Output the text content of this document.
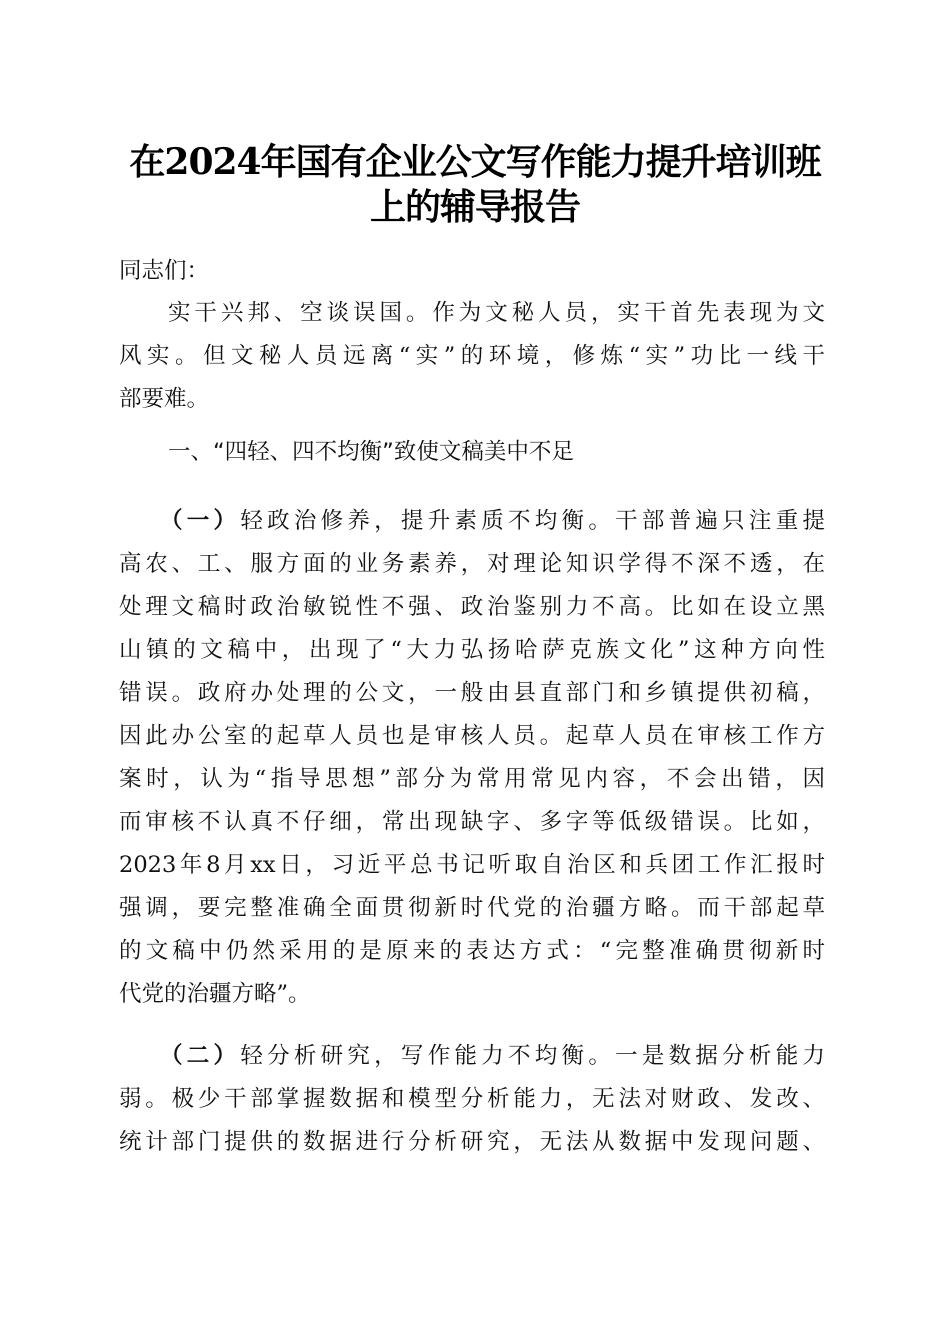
在2024年国有企业公文写作能力提升培训班
上的辅导报告
同志们：
实干兴邦、空谈误国。作为文秘人员，实干首先表现为文
风实。但文秘人员远离“实”的环境，修炼“实”功比一线干
部要难。
一、“四轻、四不均衡”致使文稿美中不足
（一）轻政治修养，提升素质不均衡。干部普遍只注重提
高农、工、服方面的业务素养，对理论知识学得不深不透，在
处理文稿时政治敏锐性不强、政治鉴别力不高。比如在设立黑
山镇的文稿中，出现了“大力弘扬哈萨克族文化”这种方向性
错误。政府办处理的公文，一般由县直部门和乡镇提供初稿，
因此办公室的起草人员也是审核人员。起草人员在审核工作方
案时，认为“指导思想”部分为常用常见内容，不会出错，因
而审核不认真不仔细，常出现缺字、多字等低级错误。比如，
2023年8月xx日，习近平总书记听取自治区和兵团工作汇报时
强调，要完整准确全面贯彻新时代党的治疆方略。而干部起草
的文稿中仍然采用的是原来的表达方式：“完整准确贯彻新时
代党的治疆方略”。
（二）轻分析研究，写作能力不均衡。一是数据分析能力
弱。极少干部掌握数据和模型分析能力，无法对财政、发改、
统计部门提供的数据进行分析研究，无法从数据中发现问题、
